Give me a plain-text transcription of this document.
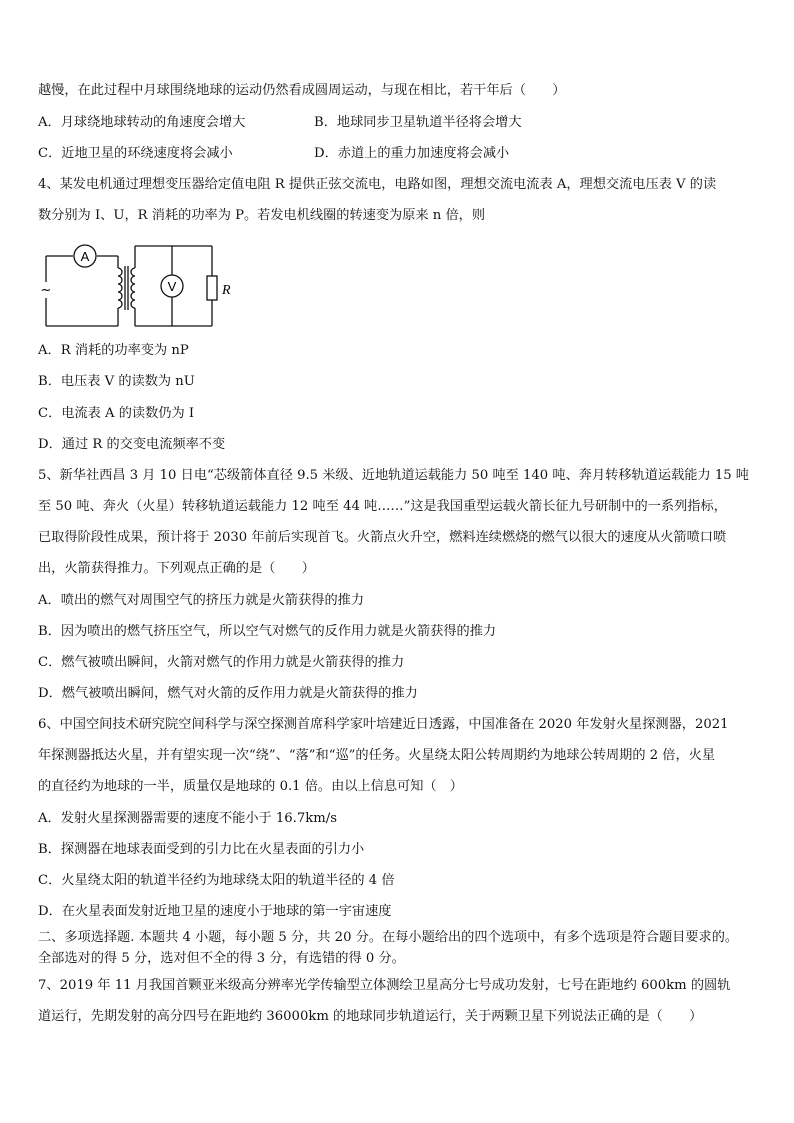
越慢，在此过程中月球围绕地球的运动仍然看成圆周运动，与现在相比，若干年后（　　）
A．月球绕地球转动的角速度会增大	B．地球同步卫星轨道半径将会增大
C．近地卫星的环绕速度将会减小	D．赤道上的重力加速度将会减小
4、某发电机通过理想变压器给定值电阻 R 提供正弦交流电，电路如图，理想交流电流表 A，理想交流电压表 V 的读
数分别为 I、U，R 消耗的功率为 P。若发电机线圈的转速变为原来 n 倍，则
A
V	R
~
A．R 消耗的功率变为 nP
B．电压表 V 的读数为 nU
C．电流表 A 的读数仍为 I
D．通过 R 的交变电流频率不变
5、新华社西昌 3 月 10 日电“芯级箭体直径 9.5 米级、近地轨道运载能力 50 吨至 140 吨、奔月转移轨道运载能力 15 吨
至 50 吨、奔火（火星）转移轨道运载能力 12 吨至 44 吨……”这是我国重型运载火箭长征九号研制中的一系列指标，
已取得阶段性成果，预计将于 2030 年前后实现首飞。火箭点火升空，燃料连续燃烧的燃气以很大的速度从火箭喷口喷
出，火箭获得推力。下列观点正确的是（　　）
A．喷出的燃气对周围空气的挤压力就是火箭获得的推力
B．因为喷出的燃气挤压空气，所以空气对燃气的反作用力就是火箭获得的推力
C．燃气被喷出瞬间，火箭对燃气的作用力就是火箭获得的推力
D．燃气被喷出瞬间，燃气对火箭的反作用力就是火箭获得的推力
6、中国空间技术研究院空间科学与深空探测首席科学家叶培建近日透露，中国准备在 2020 年发射火星探测器，2021
年探测器抵达火星，并有望实现一次“绕”、“落”和“巡”的任务。火星绕太阳公转周期约为地球公转周期的 2 倍，火星
的直径约为地球的一半，质量仅是地球的 0.1 倍。由以上信息可知（　）
A．发射火星探测器需要的速度不能小于 16.7km/s
B．探测器在地球表面受到的引力比在火星表面的引力小
C．火星绕太阳的轨道半径约为地球绕太阳的轨道半径的 4 倍
D．在火星表面发射近地卫星的速度小于地球的第一宇宙速度
二、多项选择题. 本题共 4 小题，每小题 5 分，共 20 分。在每小题给出的四个选项中，有多个选项是符合题目要求的。
全部选对的得 5 分，选对但不全的得 3 分，有选错的得 0 分。
7、2019 年 11 月我国首颗亚米级高分辨率光学传输型立体测绘卫星高分七号成功发射，七号在距地约 600km 的圆轨
道运行，先期发射的高分四号在距地约 36000km 的地球同步轨道运行，关于两颗卫星下列说法正确的是（　　）
